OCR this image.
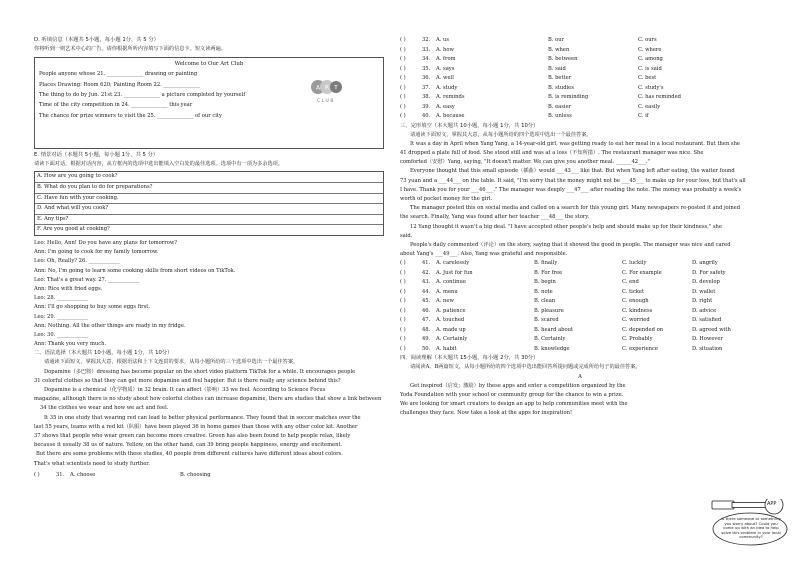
D. 听填信息（本题共 5小题，每小题 1分，共 5 分）
你将听到一则艺术中心的广告。请你根据所听内容填写下面的信息卡。短文读两遍。
Welcome to Our Art Club
People anyone whose 21. ______________ drawing or painting
Places Drawing: Room 620; Painting Room 22. ______________
The thing to do by Jun. 21st 23. ______________ a picture completed by yourself
Time of the city competition in 24. ______________ this year
The chance for prize winners to visit the 25. ______________ of our city
A R T
CLUB
E. 情景对话（本题共 5小题，每小题 1分，共 5 分）
请读下面对话，根据对话内容，从方框内的选项中选出能填入空白处的最佳选项。选项中有一项为多余选项。
A. How are you going to cook?
B. What do you plan to do for preparations?
C. Have fun with your cooking.
D. And what will you cook?
E. Any tips?
F. Are you good at cooking?
Leo: Hello, Ann! Do you have any plans for tomorrow?
Ann: I'm going to cook for my family tomorrow.
Leo: Oh, Really? 26. ____________
Ann: No, I'm going to learn some cooking skills from short videos on TikTok.
Leo: That's a great way. 27. ____________
Ann: Rice with fried eggs.
Leo: 28. ____________
Ann: I'll go shopping to buy some eggs first.
Leo: 29. ____________
Ann: Nothing. All the other things are ready in my fridge.
Leo: 30. ____________
Ann: Thank you very much.
二、语法选择（本大题共 10小题，每小题 1分，共 10分）
请通读下面短文，掌握其大意，根据语法和上下文连贯的要求，从每小题所给的三个选项中选出一个最佳答案。
Dopamine（多巴胺）dressing has become popular on the short video platform TikTok for a while. It encourages people
31 colorful clothes so that they can get more dopamine and feel happier. But is there really any science behind this?
Dopamine is a chemical（化学物质）in 32 brain. It can affect（影响）33 we feel. According to Science Focus
magazine, although there is no study about how colorful clothes can increase dopamine, there are studies that show a link between
34 the clothes we wear and how we act and feel.
It 35 in one study that wearing red can lead to better physical performance. They found that in soccer matches over the
last 55 years, teams with a red kit（队服）have been played 36 in home games than those with any other color kit. Another
37 shows that people who wear green can become more creative. Green has also been found to help people relax, likely
because it usually 38 us of nature. Yellow, on the other hand, can 39 bring people happiness, energy and excitement.
But there are some problems with these studies, 40 people from different cultures have different ideas about colors.
That's what scientists need to study further.
( )	31.	A. choose	B. choosing
( )	32.	A. us	B. our	C. ours
( )	33.	A. how	B. when	C. where
( )	34.	A. from	B. between	C. among
( )	35.	A. says	B. said	C. is said
( )	36.	A. well	B. better	C. best
( )	37.	A. study	B. studies	C. study's
( )	38.	A. reminds	B. is reminding	C. has reminded
( )	39.	A. easy	B. easier	C. easily
( )	40.	A. because	B. unless	C. if
三、完形填空（本大题共 10小题，每小题 1分，共 10分）
请通读下面短文，掌握其大意，从每小题所给的四个选项中选出一个最佳答案。
It was a day in April when Yang Yang, a 14-year-old girl, was getting ready to eat her meal in a local restaurant. But then she
41 dropped a plate full of food. She stood still and was at a loss（不知所措）. The restaurant manager was nice. She
comforted（安慰）Yang, saying, "It doesn't matter. We can give you another meal. ______42___."
Everyone thought that this small episode（插曲）would ___43___ like that. But when Yang left after eating, the waiter found
73 yuan and a ___44___ on the table. It said, "I'm sorry that the money might not be ___45___ to make up for your loss, but that's all
I have. Thank you for your ___46___." The manager was deeply ___47___ after reading the note. The money was probably a week's
worth of pocket money for the girl.
The manager posted this on social media and called on a search for this young girl. Many newspapers re-posted it and joined
the search. Finally, Yang was found after her teacher ___48___ the story.
12 Yang thought it wasn't a big deal. "I have accepted other people's help and should make up for their kindness," she
said.
People's daily commented（评论）on the story, saying that it showed the good in people. The manager was nice and cared
about Yang's ___49___. Also, Yang was grateful and responsible.
( )	41.	A. carelessly	B. finally	C. luckily	D. angrily
( )	42.	A. Just for fun	B. For free	C. For example	D. For safety
( )	43.	A. continue	B. begin	C. end	D. develop
( )	44.	A. menu	B. note	C. ticket	D. wallet
( )	45.	A. new	B. clean	C. enough	D. right
( )	46.	A. patience	B. pleasure	C. kindness	D. advice
( )	47.	A. touched	B. scared	C. worried	D. satisfied
( )	48.	A. made up	B. heard about	C. depended on	D. agreed with
( )	49.	A. Certainly	B. Certainly	C. Probably	D. However
( )	50.	A. habit	B. knowledge	C. experience	D. situation
四、阅读理解（本大题共 15小题，每小题 2分，共 30分）
请阅读A、B两篇短文，从每小题所给的四个选项中选出能回答所提问题或完成所给句子的最佳答案。
A
Get inspired（启发；激励）by these apps and enter a competition organized by the
Yoda Foundation with your school or community group for the chance to win a prize.
We are looking for smart creators to design an app to help communities meet with the
challenges they face. Now take a look at the apps for inspiration!
APP
Is there someone or something you worry about? Could you come up with an idea to help solve this problem in your local community?
